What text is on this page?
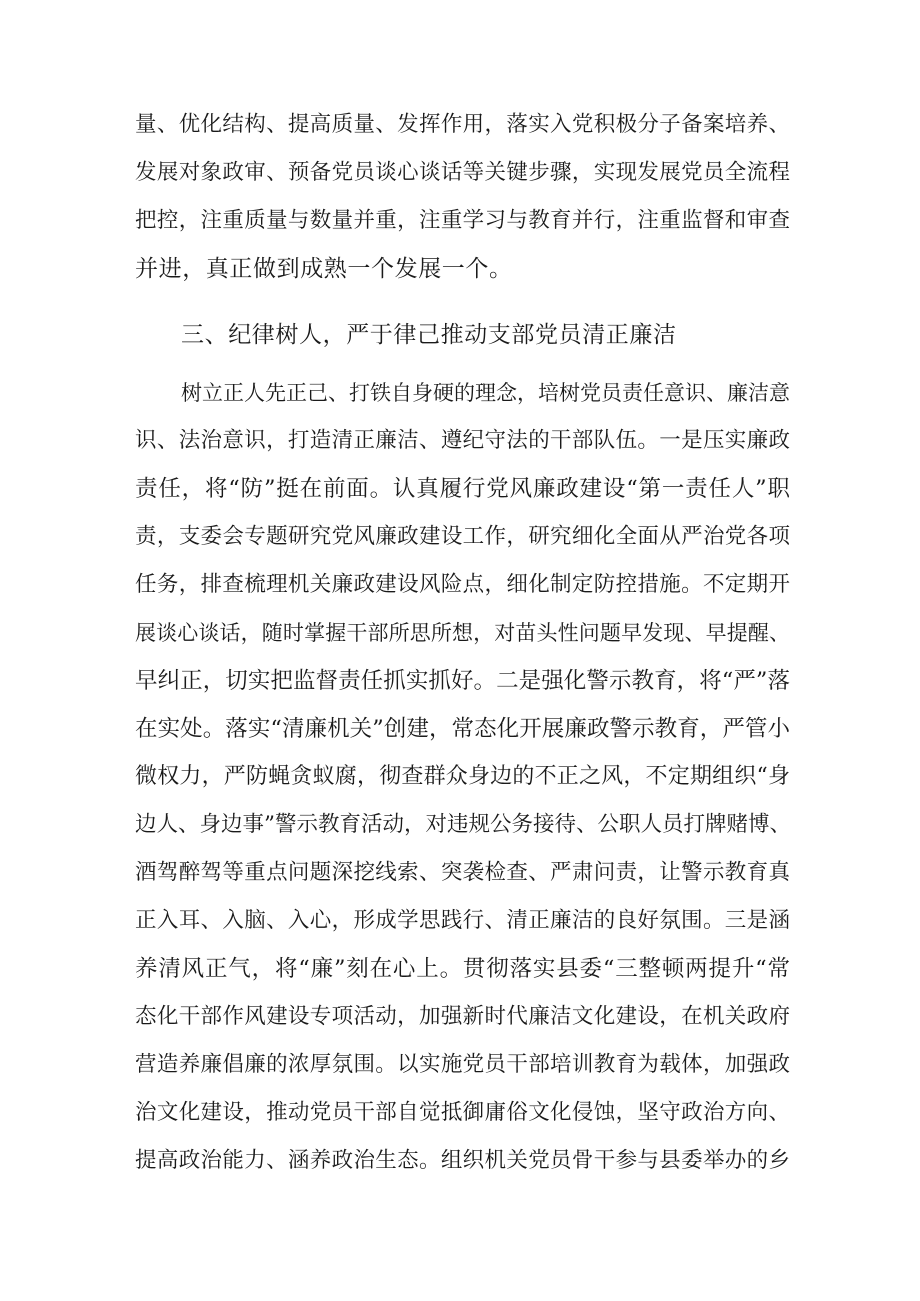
量、优化结构、提高质量、发挥作用，落实入党积极分子备案培养、
发展对象政审、预备党员谈心谈话等关键步骤，实现发展党员全流程
把控，注重质量与数量并重，注重学习与教育并行，注重监督和审查
并进，真正做到成熟一个发展一个。
三、纪律树人，严于律己推动支部党员清正廉洁
树立正人先正己、打铁自身硬的理念，培树党员责任意识、廉洁意
识、法治意识，打造清正廉洁、遵纪守法的干部队伍。一是压实廉政
责任，将“防”挺在前面。认真履行党风廉政建设“第一责任人”职
责，支委会专题研究党风廉政建设工作，研究细化全面从严治党各项
任务，排查梳理机关廉政建设风险点，细化制定防控措施。不定期开
展谈心谈话，随时掌握干部所思所想，对苗头性问题早发现、早提醒、
早纠正，切实把监督责任抓实抓好。二是强化警示教育，将“严”落
在实处。落实“清廉机关”创建，常态化开展廉政警示教育，严管小
微权力，严防蝇贪蚁腐，彻查群众身边的不正之风，不定期组织“身
边人、身边事”警示教育活动，对违规公务接待、公职人员打牌赌博、
酒驾醉驾等重点问题深挖线索、突袭检查、严肃问责，让警示教育真
正入耳、入脑、入心，形成学思践行、清正廉洁的良好氛围。三是涵
养清风正气，将“廉”刻在心上。贯彻落实县委“三整顿两提升“常
态化干部作风建设专项活动，加强新时代廉洁文化建设，在机关政府
营造养廉倡廉的浓厚氛围。以实施党员干部培训教育为载体，加强政
治文化建设，推动党员干部自觉抵御庸俗文化侵蚀，坚守政治方向、
提高政治能力、涵养政治生态。组织机关党员骨干参与县委举办的乡
